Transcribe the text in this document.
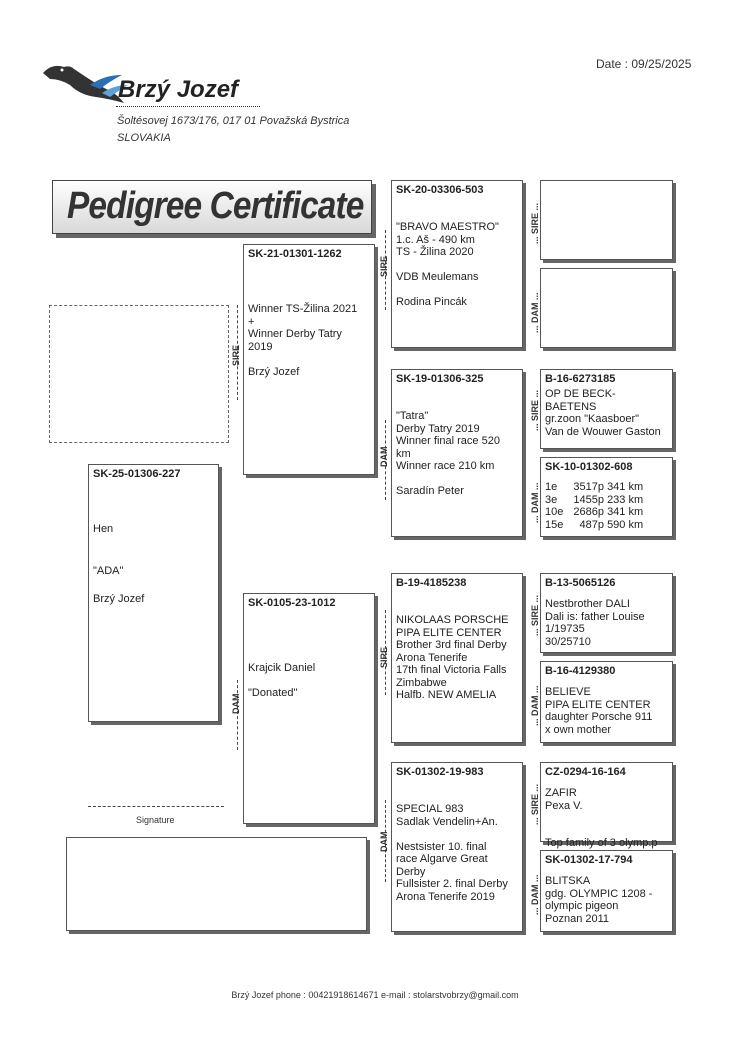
Date : 09/25/2025
Brzý Jozef
Šoltésovej 1673/176, 017 01 Považská Bystrica
SLOVAKIA
Pedigree Certificate
SK-25-01306-227
Hen
"ADA"
Brzý Jozef
Signature
SIRE
SK-21-01301-1262
Winner TS-Žilina 2021
+
Winner Derby Tatry
2019

Brzý Jozef
DAM
SK-0105-23-1012
Krajcik Daniel

"Donated"
SIRE
SK-20-03306-503
"BRAVO MAESTRO"
1.c. Aš - 490 km
TS - Žilina 2020

VDB Meulemans

Rodina Pincák
DAM
SK-19-01306-325
"Tatra"
Derby Tatry 2019
Winner final race 520
km
Winner race 210 km

Saradín Peter
SIRE
B-19-4185238
NIKOLAAS PORSCHE
PIPA ELITE CENTER
Brother 3rd final Derby
Arona Tenerife
17th final Victoria Falls
Zimbabwe
Halfb. NEW AMELIA
DAM
SK-01302-19-983
SPECIAL 983
Sadlak Vendelin+An.

Nestsister 10. final
race Algarve Great
Derby
Fullsister 2. final Derby
Arona Tenerife 2019
... SIRE ...
... DAM ...
... SIRE ...
B-16-6273185
OP DE BECK-
BAETENS
gr.zoon "Kaasboer"
Van de Wouwer Gaston
... DAM ...
SK-10-01302-608
1e 3517p 341 km
3e 1455p 233 km
10e 2686p 341 km
15e 487p 590 km
... SIRE ...
B-13-5065126
Nestbrother DALI
Dali is: father Louise
1/19735
30/25710
... DAM ...
B-16-4129380
BELIEVE
PIPA ELITE CENTER
daughter Porsche 911
x own mother
... SIRE ...
CZ-0294-16-164
ZAFIR
Pexa V.

Top family of 3 olymp.p
... DAM ...
SK-01302-17-794
BLITSKA
gdg. OLYMPIC 1208 -
olympic pigeon
Poznan 2011
Brzý Jozef phone : 00421918614671 e-mail : stolarstvobrzy@gmail.com
